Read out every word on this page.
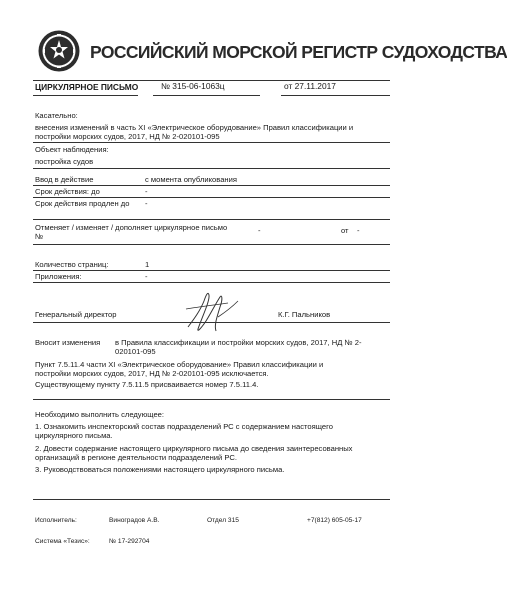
РОССИЙСКИЙ МОРСКОЙ РЕГИСТР СУДОХОДСТВА
ЦИРКУЛЯРНОЕ ПИСЬМО	№ 315-06-1063ц	от 27.11.2017
Касательно:
внесения изменений в часть XI «Электрическое оборудование» Правил классификации и постройки морских судов, 2017, НД № 2-020101-095
Объект наблюдения:
постройка судов
Ввод в действие	с момента опубликования
Срок действия: до	-
Срок действия продлен до	-
Отменяет / изменяет / дополняет циркулярное письмо №
-	от -
Количество страниц:	1
Приложения:	-
Генеральный директор	К.Г. Пальников
Вносит изменения в Правила классификации и постройки морских судов, 2017, НД № 2-020101-095
Пункт 7.5.11.4 части XI «Электрическое оборудование» Правил классификации и
постройки морских судов, 2017, НД № 2-020101-095 исключается.
Существующему пункту 7.5.11.5 присваивается номер 7.5.11.4.
Необходимо выполнить следующее:
1. Ознакомить инспекторский состав подразделений РС с содержанием настоящего циркулярного письма.
2. Довести содержание настоящего циркулярного письма до сведения заинтересованных организаций в регионе деятельности подразделений РС.
3. Руководствоваться положениями настоящего циркулярного письма.
Исполнитель:	Виноградов А.В.	Отдел 315	+7(812) 605-05-17
Система «Тезис»:	№ 17-292704
